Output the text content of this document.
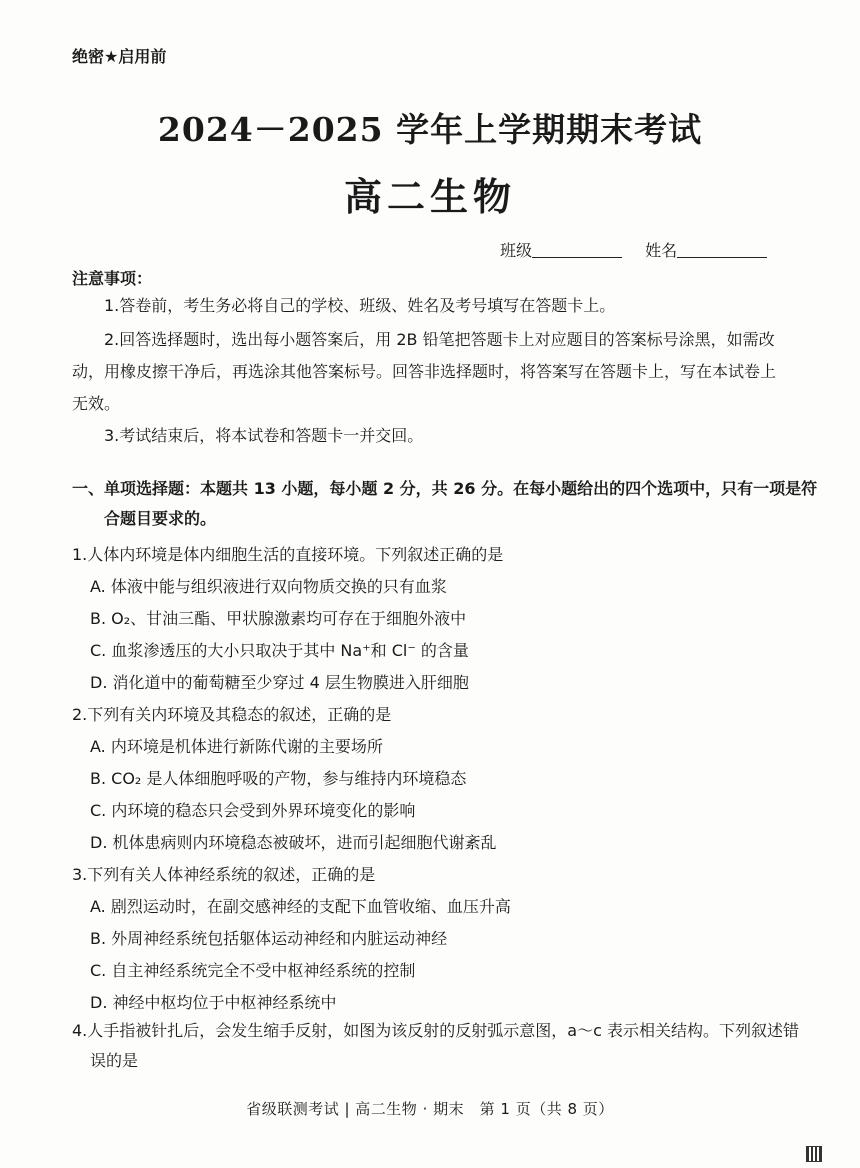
绝密★启用前
2024－2025 学年上学期期末考试
高二生物
班级	姓名
注意事项：
1.答卷前，考生务必将自己的学校、班级、姓名及考号填写在答题卡上。
2.回答选择题时，选出每小题答案后，用 2B 铅笔把答题卡上对应题目的答案标号涂黑，如需改动，用橡皮擦干净后，再选涂其他答案标号。回答非选择题时，将答案写在答题卡上，写在本试卷上无效。
3.考试结束后，将本试卷和答题卡一并交回。
一、单项选择题：本题共 13 小题，每小题 2 分，共 26 分。在每小题给出的四个选项中，只有一项是符合题目要求的。
1.人体内环境是体内细胞生活的直接环境。下列叙述正确的是
A. 体液中能与组织液进行双向物质交换的只有血浆
B. O₂、甘油三酯、甲状腺激素均可存在于细胞外液中
C. 血浆渗透压的大小只取决于其中 Na⁺和 Cl⁻ 的含量
D. 消化道中的葡萄糖至少穿过 4 层生物膜进入肝细胞
2.下列有关内环境及其稳态的叙述，正确的是
A. 内环境是机体进行新陈代谢的主要场所
B. CO₂ 是人体细胞呼吸的产物，参与维持内环境稳态
C. 内环境的稳态只会受到外界环境变化的影响
D. 机体患病则内环境稳态被破坏，进而引起细胞代谢紊乱
3.下列有关人体神经系统的叙述，正确的是
A. 剧烈运动时，在副交感神经的支配下血管收缩、血压升高
B. 外周神经系统包括躯体运动神经和内脏运动神经
C. 自主神经系统完全不受中枢神经系统的控制
D. 神经中枢均位于中枢神经系统中
4.人手指被针扎后，会发生缩手反射，如图为该反射的反射弧示意图，a～c 表示相关结构。下列叙述错误的是
省级联测考试 | 高二生物 · 期末　第 1 页（共 8 页）
